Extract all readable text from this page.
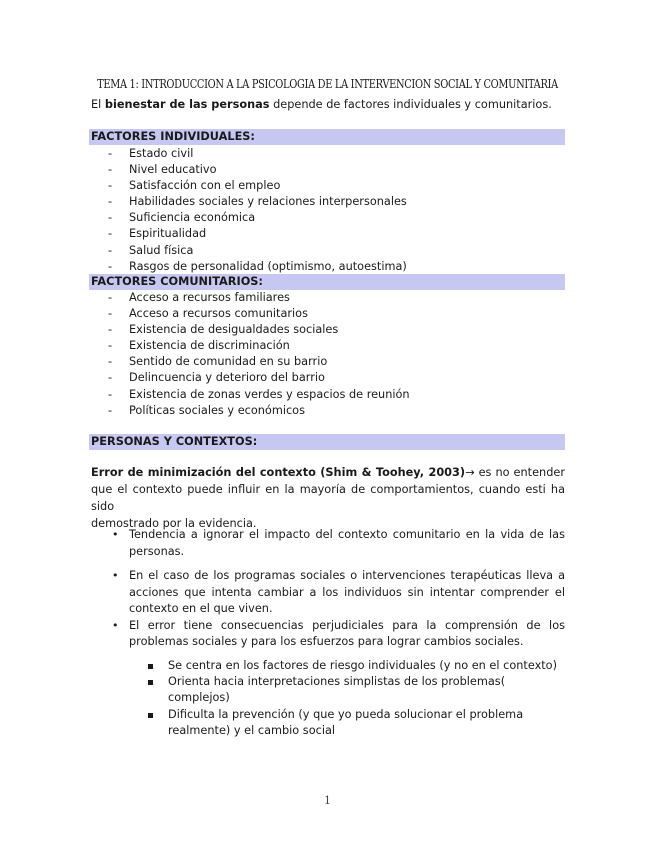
TEMA 1: INTRODUCCION A LA PSICOLOGIA DE LA INTERVENCION SOCIAL Y COMUNITARIA
El bienestar de las personas depende de factores individuales y comunitarios.
FACTORES INDIVIDUALES:
- Estado civil
- Nivel educativo
- Satisfacción con el empleo
- Habilidades sociales y relaciones interpersonales
- Suficiencia económica
- Espiritualidad
- Salud física
- Rasgos de personalidad (optimismo, autoestima)
FACTORES COMUNITARIOS:
- Acceso a recursos familiares
- Acceso a recursos comunitarios
- Existencia de desigualdades sociales
- Existencia de discriminación
- Sentido de comunidad en su barrio
- Delincuencia y deterioro del barrio
- Existencia de zonas verdes y espacios de reunión
- Políticas sociales y económicos
PERSONAS Y CONTEXTOS:
Error de minimización del contexto (Shim & Toohey, 2003)→ es no entender que el contexto puede influir en la mayoría de comportamientos, cuando esti ha sido
demostrado por la evidencia.
• Tendencia a ignorar el impacto del contexto comunitario en la vida de las personas.
• En el caso de los programas sociales o intervenciones terapéuticas lleva a acciones que intenta cambiar a los individuos sin intentar comprender el contexto en el que viven.
• El error tiene consecuencias perjudiciales para la comprensión de los problemas sociales y para los esfuerzos para lograr cambios sociales.
Se centra en los factores de riesgo individuales (y no en el contexto)
Orienta hacia interpretaciones simplistas de los problemas( complejos)
Dificulta la prevención (y que yo pueda solucionar el problema realmente) y el cambio social
1
